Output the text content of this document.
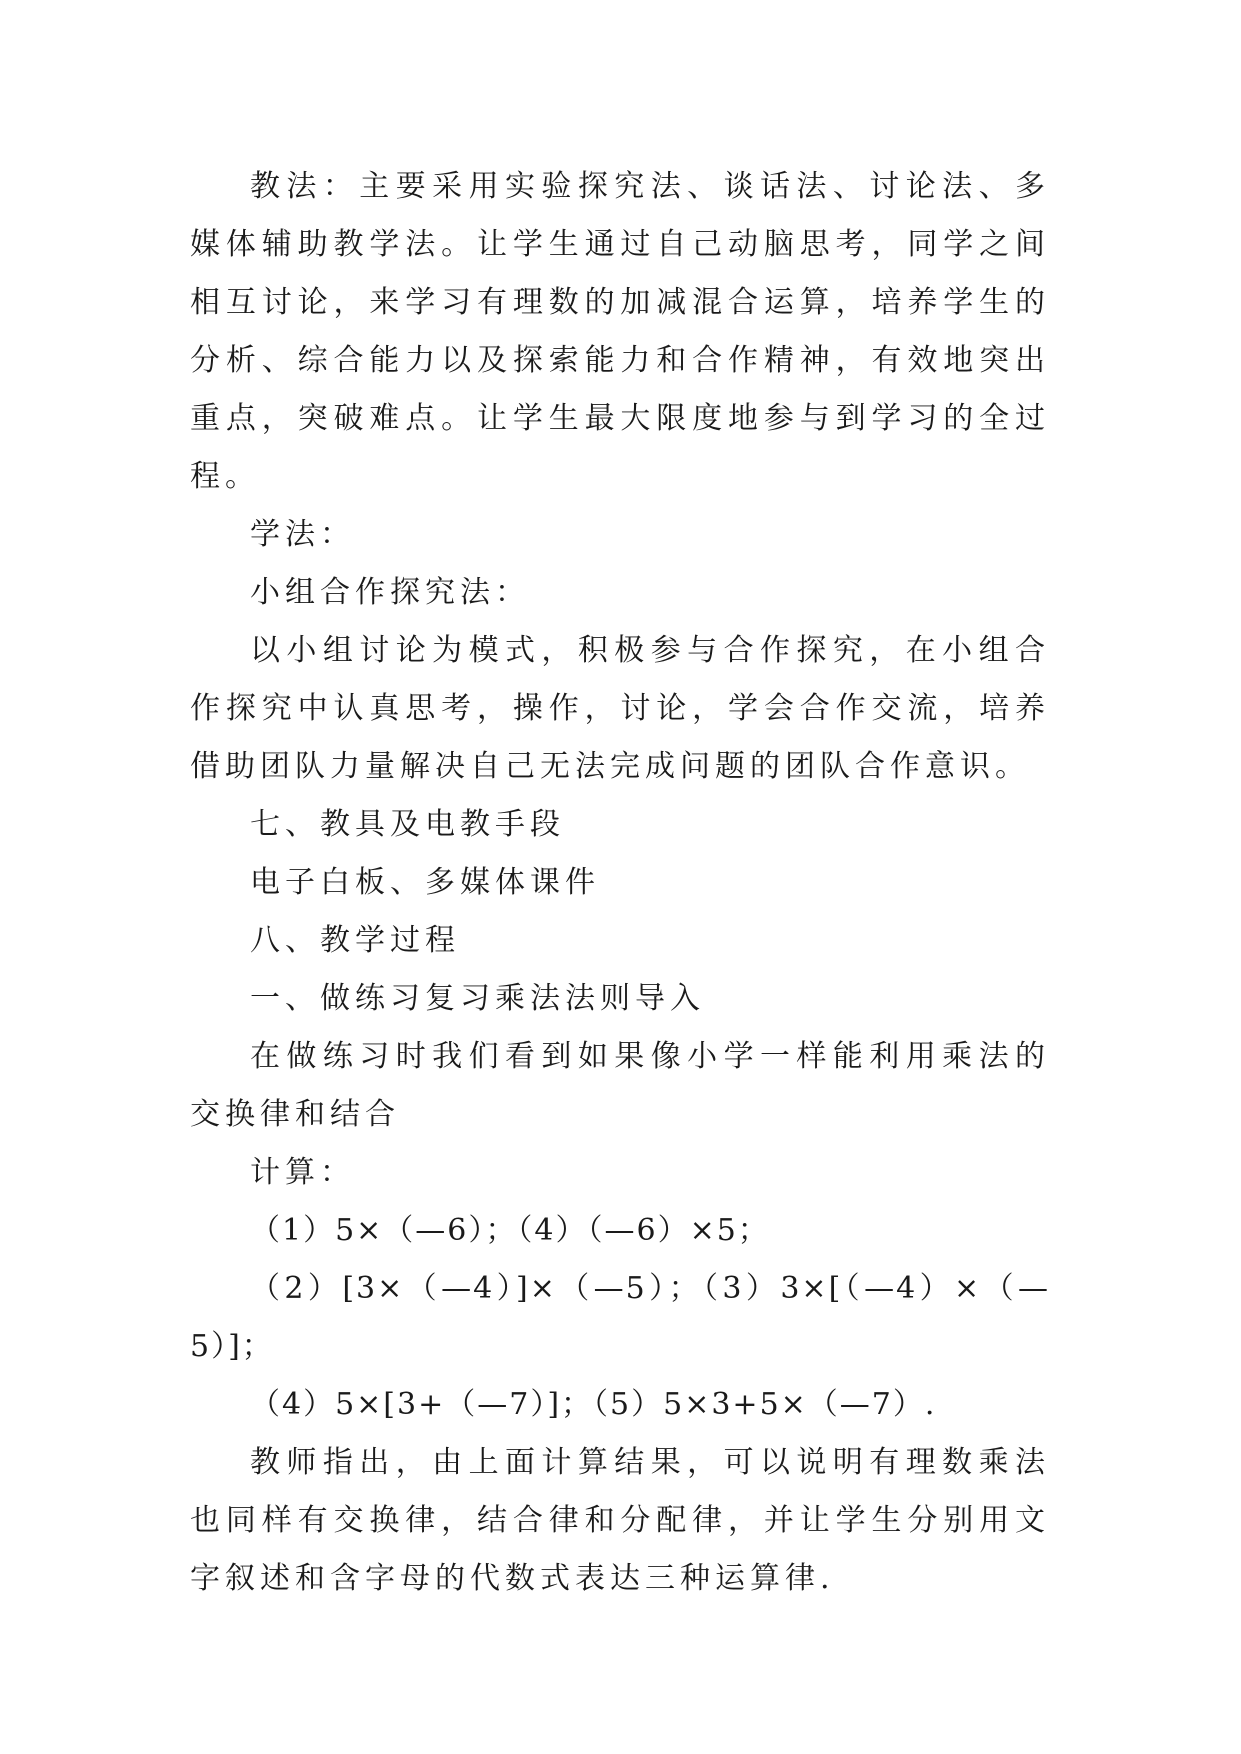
教法：主要采用实验探究法、谈话法、讨论法、多媒体辅助教学法。让学生通过自己动脑思考，同学之间相互讨论，来学习有理数的加减混合运算，培养学生的分析、综合能力以及探索能力和合作精神，有效地突出重点，突破难点。让学生最大限度地参与到学习的全过程。

学法：

小组合作探究法：

以小组讨论为模式，积极参与合作探究，在小组合作探究中认真思考，操作，讨论，学会合作交流，培养借助团队力量解决自己无法完成问题的团队合作意识。

七、教具及电教手段

电子白板、多媒体课件

八、教学过程

一、做练习复习乘法法则导入

在做练习时我们看到如果像小学一样能利用乘法的交换律和结合

计算：

（1）5×（—6）；（4）（—6）×5；

（2）[3×（—4）]×（—5）；（3）3×[（—4）×（—5）]；

（4）5×[3+（—7）]；（5）5×3+5×（—7）.

教师指出，由上面计算结果，可以说明有理数乘法也同样有交换律，结合律和分配律，并让学生分别用文字叙述和含字母的代数式表达三种运算律.
